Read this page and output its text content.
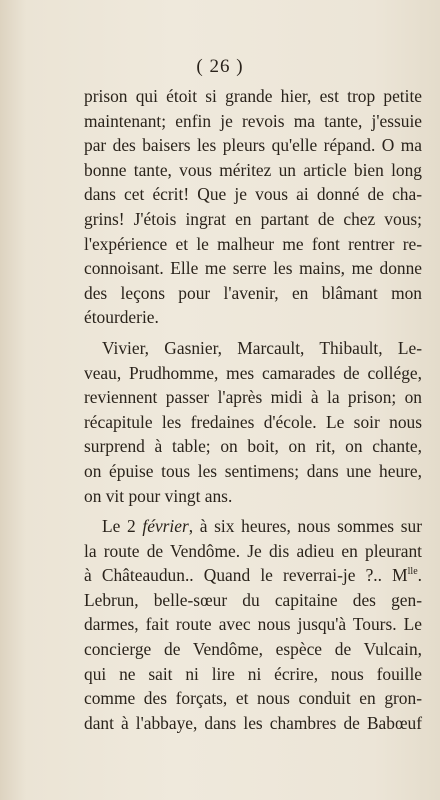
( 26 )
prison qui étoit si grande hier, est trop petite
maintenant; enfin je revois ma tante, j'essuie
par des baisers les pleurs qu'elle répand. O ma
bonne tante, vous méritez un article bien long
dans cet écrit! Que je vous ai donné de cha-
grins! J'étois ingrat en partant de chez vous;
l'expérience et le malheur me font rentrer re-
connoisant. Elle me serre les mains, me donne
des leçons pour l'avenir, en blâmant mon
étourderie.
Vivier, Gasnier, Marcault, Thibault, Le-
veau, Prudhomme, mes camarades de collége,
reviennent passer l'après midi à la prison; on
récapitule les fredaines d'école. Le soir nous
surprend à table; on boit, on rit, on chante,
on épuise tous les sentimens; dans une heure,
on vit pour vingt ans.
Le 2 février, à six heures, nous sommes sur
la route de Vendôme. Je dis adieu en pleurant
à Châteaudun.. Quand le reverrai-je ?.. $M^{lle}$.
Lebrun, belle-sœur du capitaine des gen-
darmes, fait route avec nous jusqu'à Tours. Le
concierge de Vendôme, espèce de Vulcain,
qui ne sait ni lire ni écrire, nous fouille
comme des forçats, et nous conduit en gron-
dant à l'abbaye, dans les chambres de Babœuf
